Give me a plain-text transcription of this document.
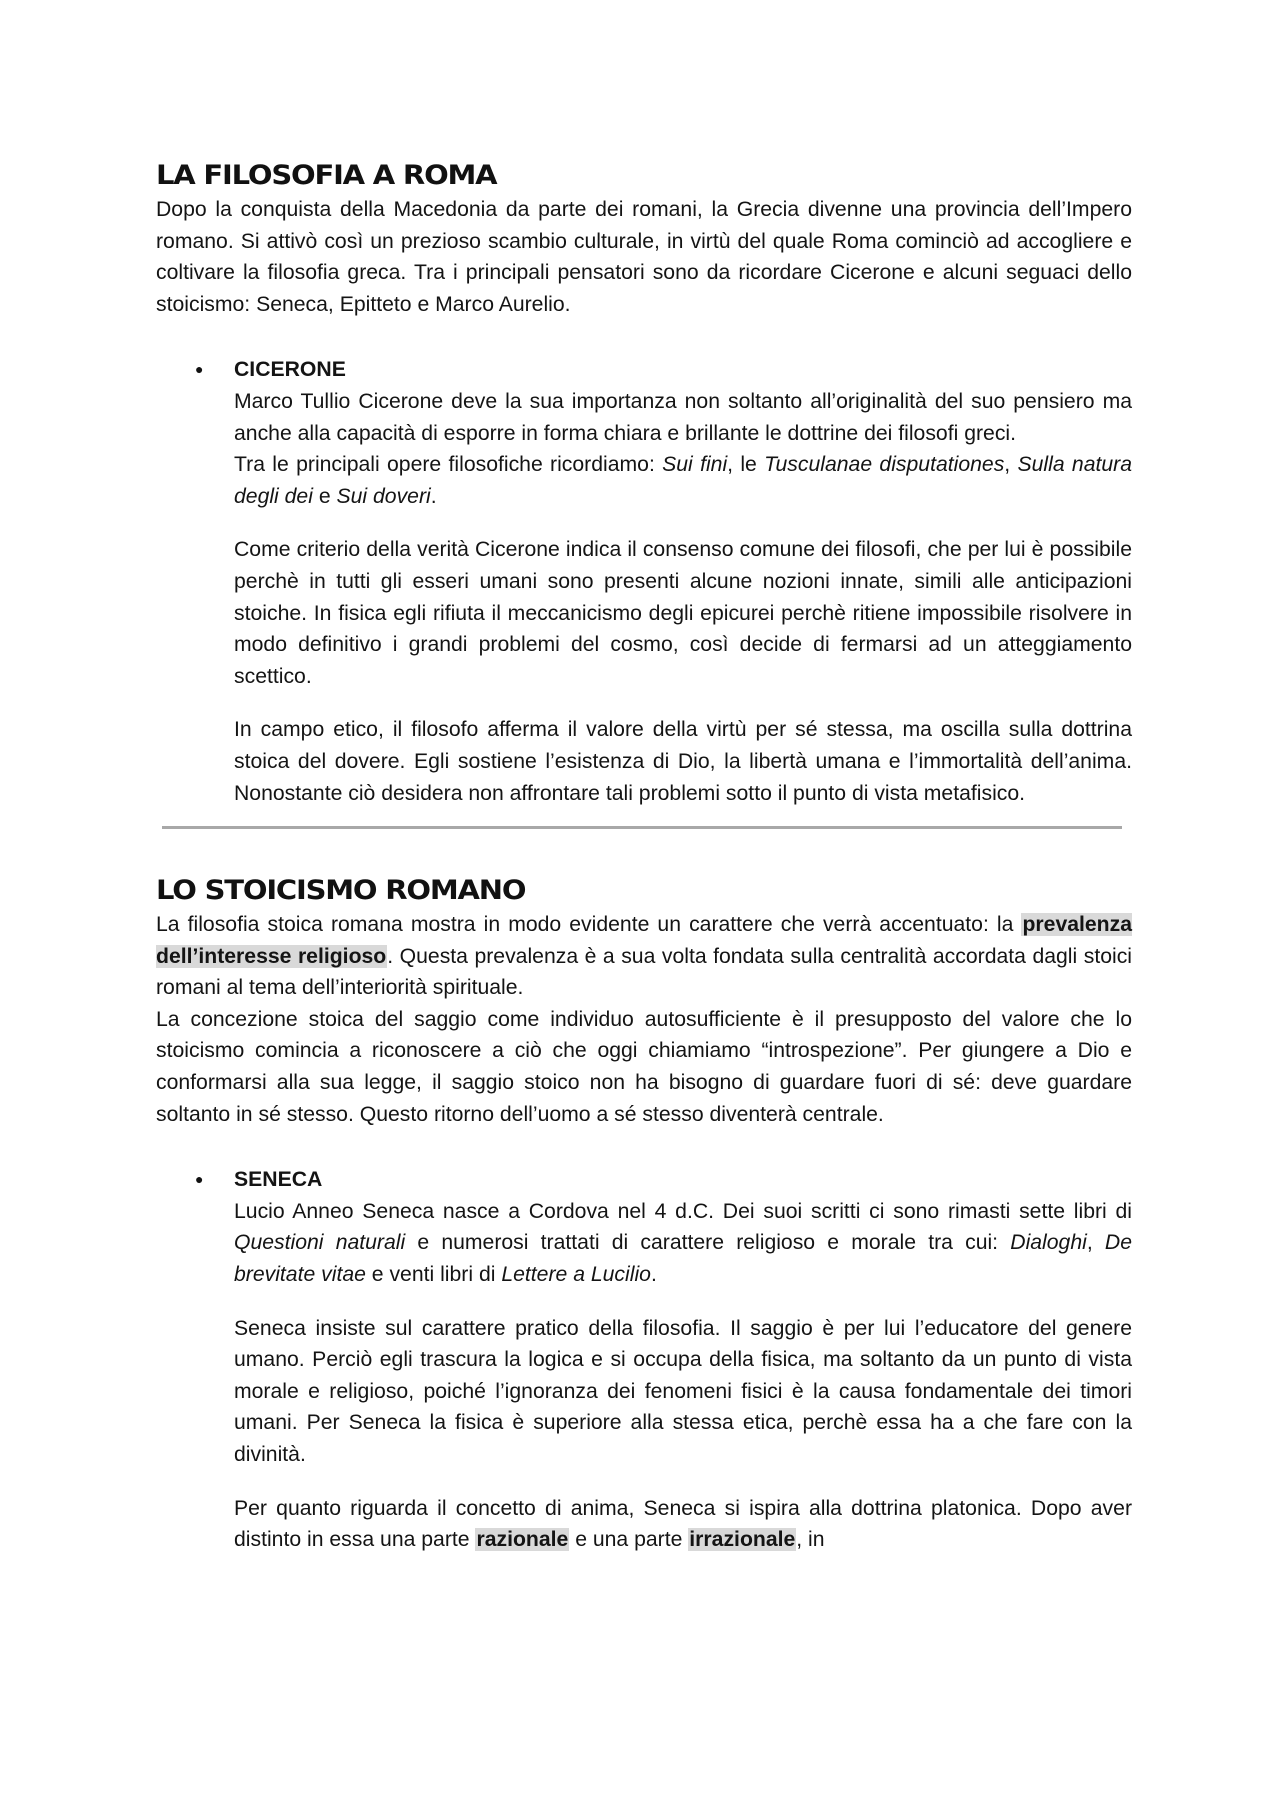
LA FILOSOFIA A ROMA

Dopo la conquista della Macedonia da parte dei romani, la Grecia divenne una provincia dell’Impero romano. Si attivò così un prezioso scambio culturale, in virtù del quale Roma cominciò ad accogliere e coltivare la filosofia greca. Tra i principali pensatori sono da ricordare Cicerone e alcuni seguaci dello stoicismo: Seneca, Epitteto e Marco Aurelio.

● CICERONE

Marco Tullio Cicerone deve la sua importanza non soltanto all’originalità del suo pensiero ma anche alla capacità di esporre in forma chiara e brillante le dottrine dei filosofi greci.

Tra le principali opere filosofiche ricordiamo: Sui fini, le Tusculanae disputationes, Sulla natura degli dei e Sui doveri.

Come criterio della verità Cicerone indica il consenso comune dei filosofi, che per lui è possibile perchè in tutti gli esseri umani sono presenti alcune nozioni innate, simili alle anticipazioni stoiche. In fisica egli rifiuta il meccanicismo degli epicurei perchè ritiene impossibile risolvere in modo definitivo i grandi problemi del cosmo, così decide di fermarsi ad un atteggiamento scettico.

In campo etico, il filosofo afferma il valore della virtù per sé stessa, ma oscilla sulla dottrina stoica del dovere. Egli sostiene l’esistenza di Dio, la libertà umana e l’immortalità dell’anima. Nonostante ciò desidera non affrontare tali problemi sotto il punto di vista metafisico.

LO STOICISMO ROMANO

La filosofia stoica romana mostra in modo evidente un carattere che verrà accentuato: la prevalenza dell’interesse religioso. Questa prevalenza è a sua volta fondata sulla centralità accordata dagli stoici romani al tema dell’interiorità spirituale.

La concezione stoica del saggio come individuo autosufficiente è il presupposto del valore che lo stoicismo comincia a riconoscere a ciò che oggi chiamiamo “introspezione”. Per giungere a Dio e conformarsi alla sua legge, il saggio stoico non ha bisogno di guardare fuori di sé: deve guardare soltanto in sé stesso. Questo ritorno dell’uomo a sé stesso diventerà centrale.

● SENECA

Lucio Anneo Seneca nasce a Cordova nel 4 d.C. Dei suoi scritti ci sono rimasti sette libri di Questioni naturali e numerosi trattati di carattere religioso e morale tra cui: Dialoghi, De brevitate vitae e venti libri di Lettere a Lucilio.

Seneca insiste sul carattere pratico della filosofia. Il saggio è per lui l’educatore del genere umano. Perciò egli trascura la logica e si occupa della fisica, ma soltanto da un punto di vista morale e religioso, poiché l’ignoranza dei fenomeni fisici è la causa fondamentale dei timori umani. Per Seneca la fisica è superiore alla stessa etica, perchè essa ha a che fare con la divinità.

Per quanto riguarda il concetto di anima, Seneca si ispira alla dottrina platonica. Dopo aver distinto in essa una parte razionale e una parte irrazionale, in
